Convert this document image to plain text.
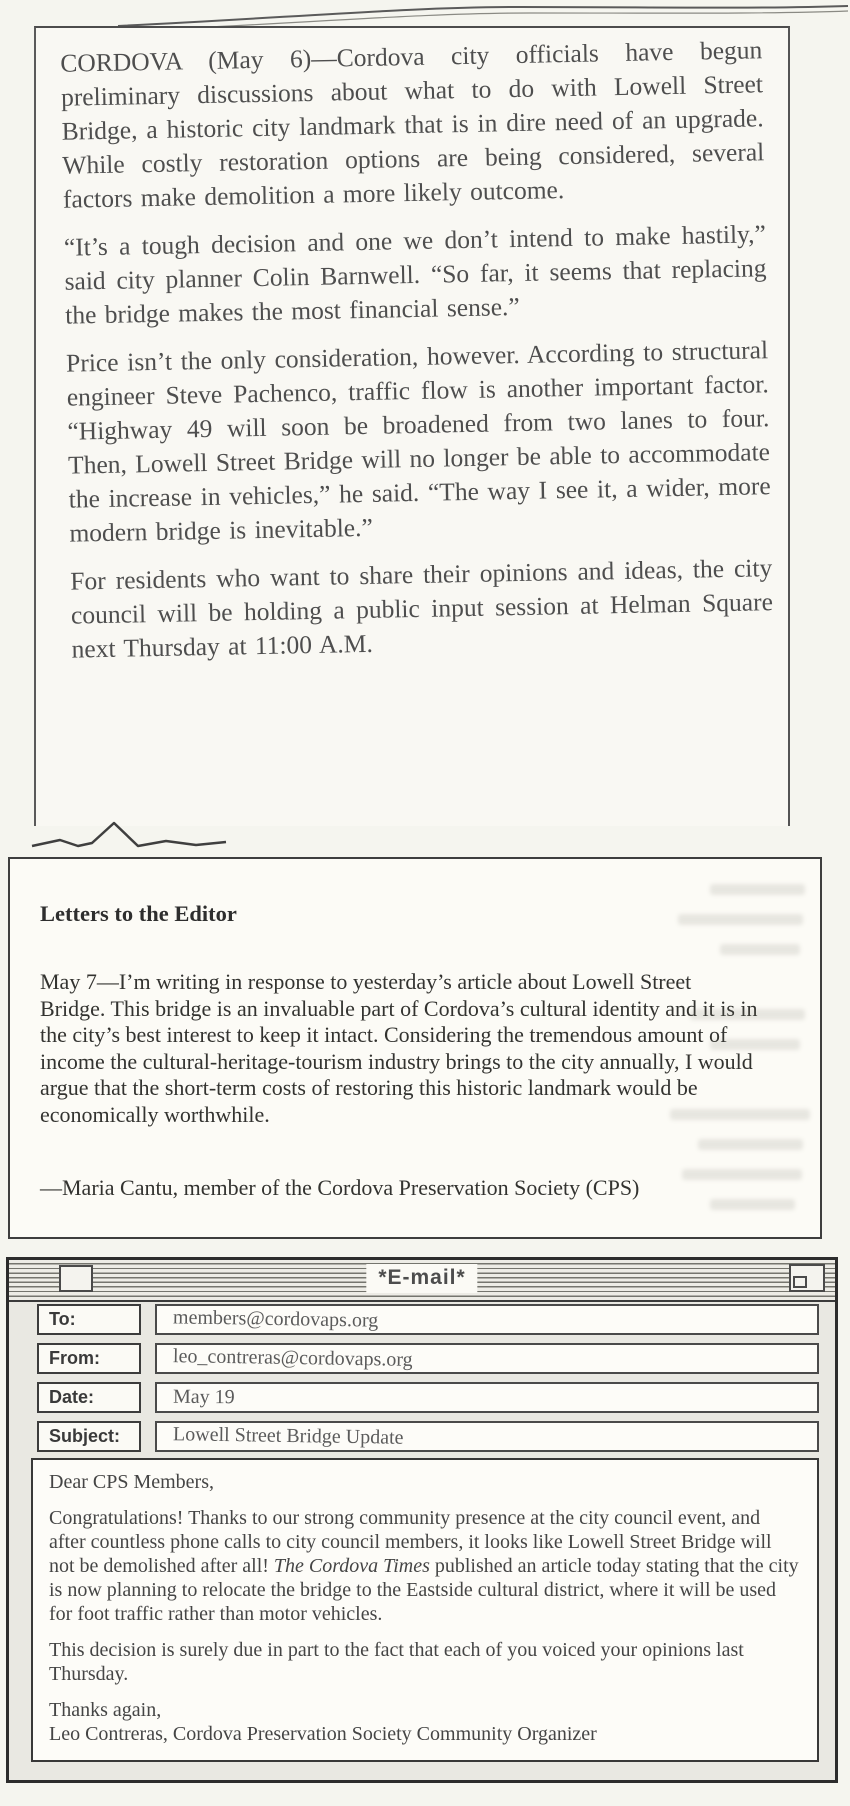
CORDOVA (May 6)—Cordova city officials have begun preliminary discussions about what to do with Lowell Street Bridge, a historic city landmark that is in dire need of an upgrade. While costly restoration options are being considered, several factors make demolition a more likely outcome.

“It’s a tough decision and one we don’t intend to make hastily,” said city planner Colin Barnwell. “So far, it seems that replacing the bridge makes the most financial sense.”

Price isn’t the only consideration, however. According to structural engineer Steve Pachenco, traffic flow is another important factor. “Highway 49 will soon be broadened from two lanes to four. Then, Lowell Street Bridge will no longer be able to accommodate the increase in vehicles,” he said. “The way I see it, a wider, more modern bridge is inevitable.”

For residents who want to share their opinions and ideas, the city council will be holding a public input session at Helman Square next Thursday at 11:00 A.M.

Letters to the Editor
May 7—I’m writing in response to yesterday’s article about Lowell Street Bridge. This bridge is an invaluable part of Cordova’s cultural identity and it is in the city’s best interest to keep it intact. Considering the tremendous amount of income the cultural-heritage-tourism industry brings to the city annually, I would argue that the short-term costs of restoring this historic landmark would be economically worthwhile.
—Maria Cantu, member of the Cordova Preservation Society (CPS)
*E-mail*
To:	members@cordovaps.org
From:	leo_contreras@cordovaps.org
Date:	May 19
Subject:	Lowell Street Bridge Update

Dear CPS Members,

Congratulations! Thanks to our strong community presence at the city council event, and after countless phone calls to city council members, it looks like Lowell Street Bridge will not be demolished after all! The Cordova Times published an article today stating that the city is now planning to relocate the bridge to the Eastside cultural district, where it will be used for foot traffic rather than motor vehicles.

This decision is surely due in part to the fact that each of you voiced your opinions last Thursday.

Thanks again,

Leo Contreras, Cordova Preservation Society Community Organizer
